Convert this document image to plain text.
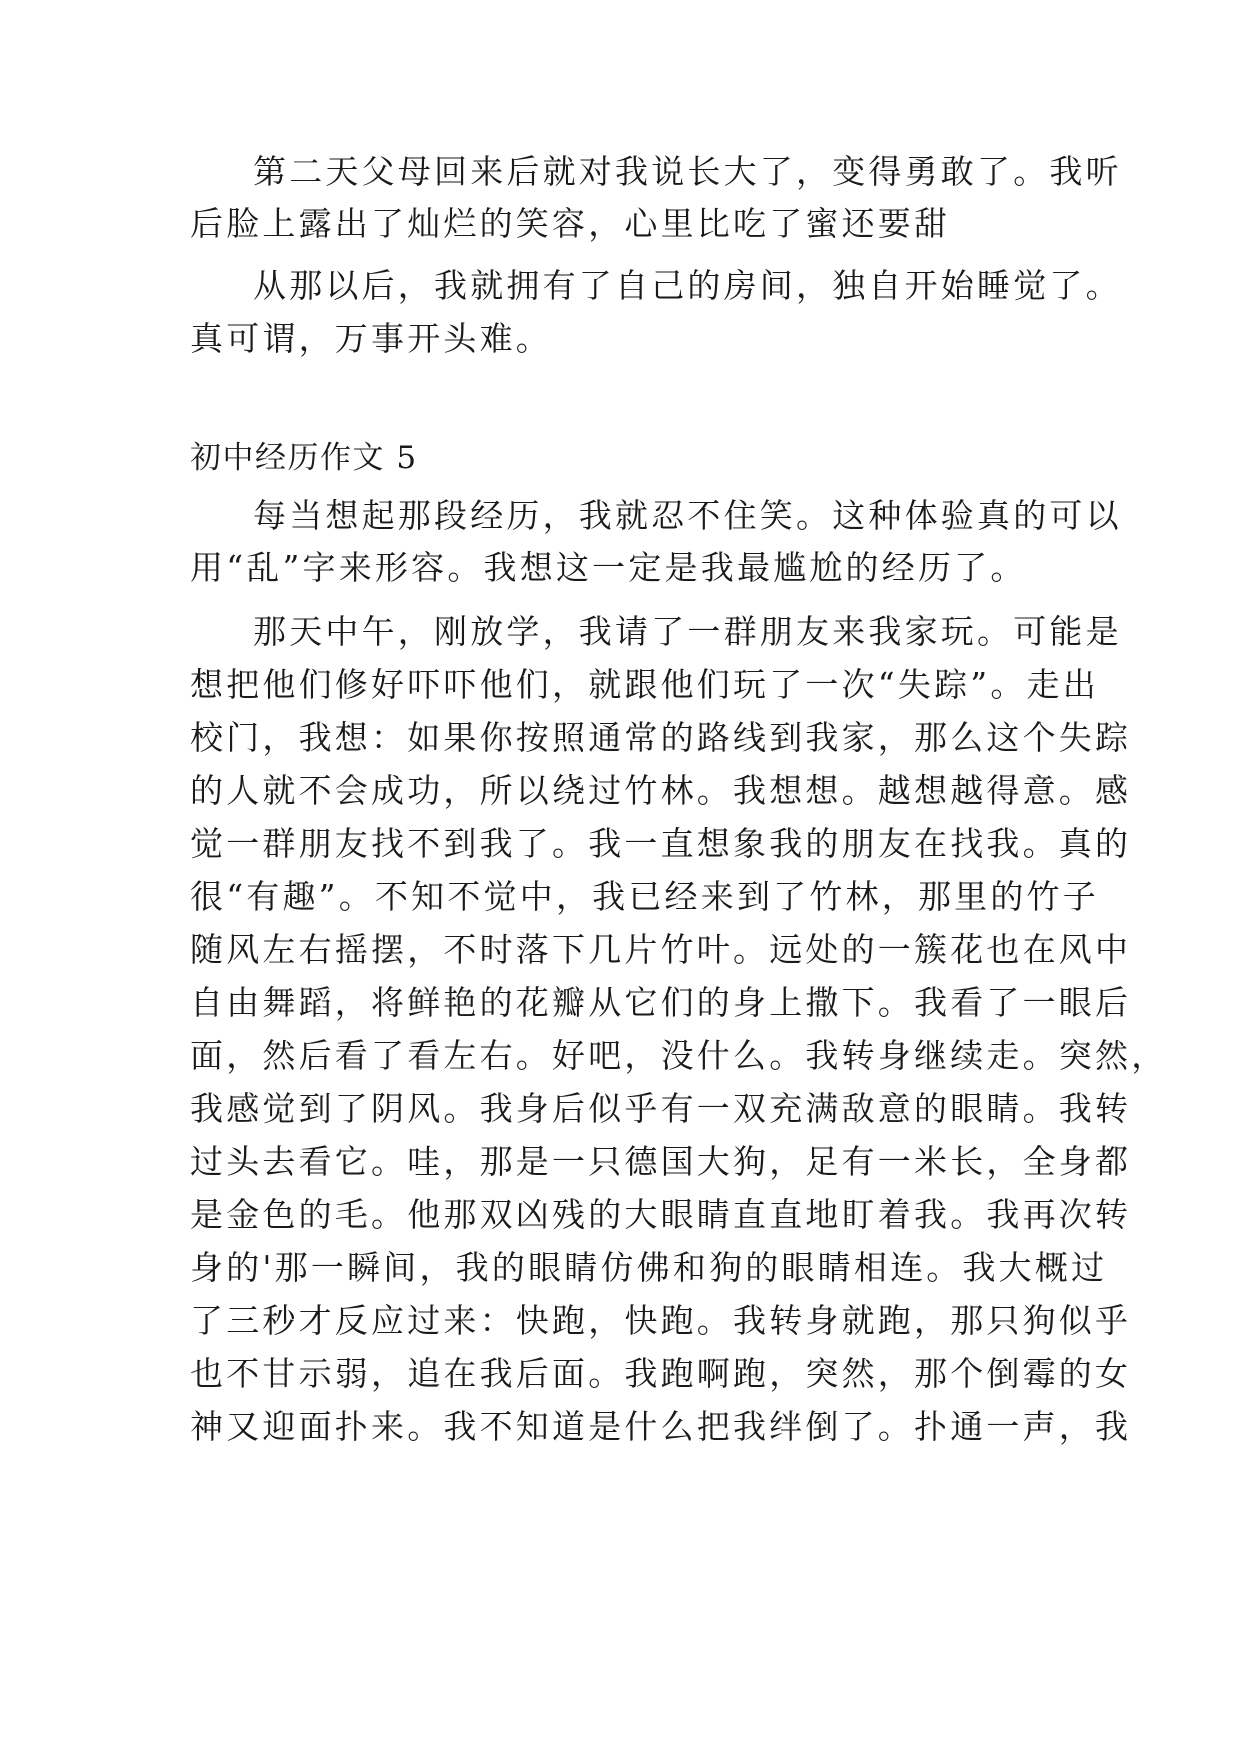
第二天父母回来后就对我说长大了，变得勇敢了。我听
后脸上露出了灿烂的笑容，心里比吃了蜜还要甜
从那以后，我就拥有了自己的房间，独自开始睡觉了。
真可谓，万事开头难。
初中经历作文 5
每当想起那段经历，我就忍不住笑。这种体验真的可以
用“乱”字来形容。我想这一定是我最尴尬的经历了。
那天中午，刚放学，我请了一群朋友来我家玩。可能是
想把他们修好吓吓他们，就跟他们玩了一次“失踪”。走出
校门，我想：如果你按照通常的路线到我家，那么这个失踪
的人就不会成功，所以绕过竹林。我想想。越想越得意。感
觉一群朋友找不到我了。我一直想象我的朋友在找我。真的
很“有趣”。不知不觉中，我已经来到了竹林，那里的竹子
随风左右摇摆，不时落下几片竹叶。远处的一簇花也在风中
自由舞蹈，将鲜艳的花瓣从它们的身上撒下。我看了一眼后
面，然后看了看左右。好吧，没什么。我转身继续走。突然，
我感觉到了阴风。我身后似乎有一双充满敌意的眼睛。我转
过头去看它。哇，那是一只德国大狗，足有一米长，全身都
是金色的毛。他那双凶残的大眼睛直直地盯着我。我再次转
身的'那一瞬间，我的眼睛仿佛和狗的眼睛相连。我大概过
了三秒才反应过来：快跑，快跑。我转身就跑，那只狗似乎
也不甘示弱，追在我后面。我跑啊跑，突然，那个倒霉的女
神又迎面扑来。我不知道是什么把我绊倒了。扑通一声，我
